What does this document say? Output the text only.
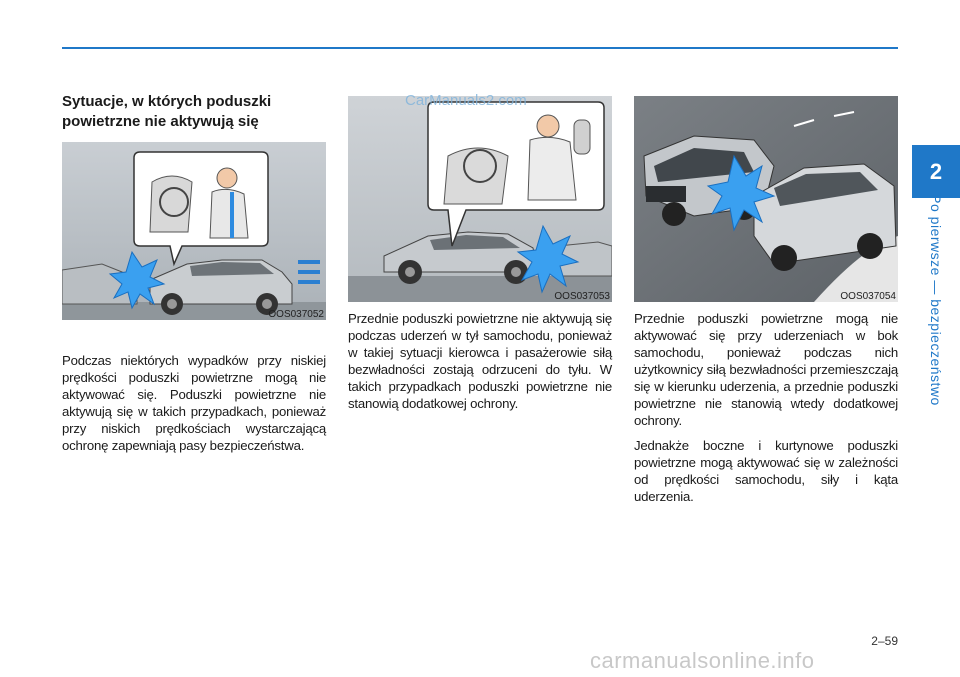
2
Po pierwsze — bezpieczeństwo
Sytuacje, w których poduszki powietrzne nie aktywują się
OOS037052

Podczas niektórych wypadków przy niskiej prędkości poduszki powietrzne mogą nie aktywować się. Poduszki powietrzne nie aktywują się w takich przypadkach, ponieważ przy niskich prędkościach wystarczającą ochronę zapewniają pasy bezpieczeństwa.

OOS037053

Przednie poduszki powietrzne nie aktywują się podczas uderzeń w tył samochodu, ponieważ w takiej sytuacji kierowca i pasażerowie siłą bezwładności zostają odrzuceni do tyłu. W takich przypadkach poduszki powietrzne nie stanowią dodatkowej ochrony.

OOS037054

Przednie poduszki powietrzne mogą nie aktywować się przy uderzeniach w bok samochodu, ponieważ podczas nich użytkownicy siłą bezwładności przemieszczają się w kierunku uderzenia, a przednie poduszki powietrzne nie stanowią wtedy dodatkowej ochrony.

Jednakże boczne i kurtynowe poduszki powietrzne mogą aktywować się w zależności od prędkości samochodu, siły i kąta uderzenia.

2–59
CarManuals2.com
carmanualsonline.info
